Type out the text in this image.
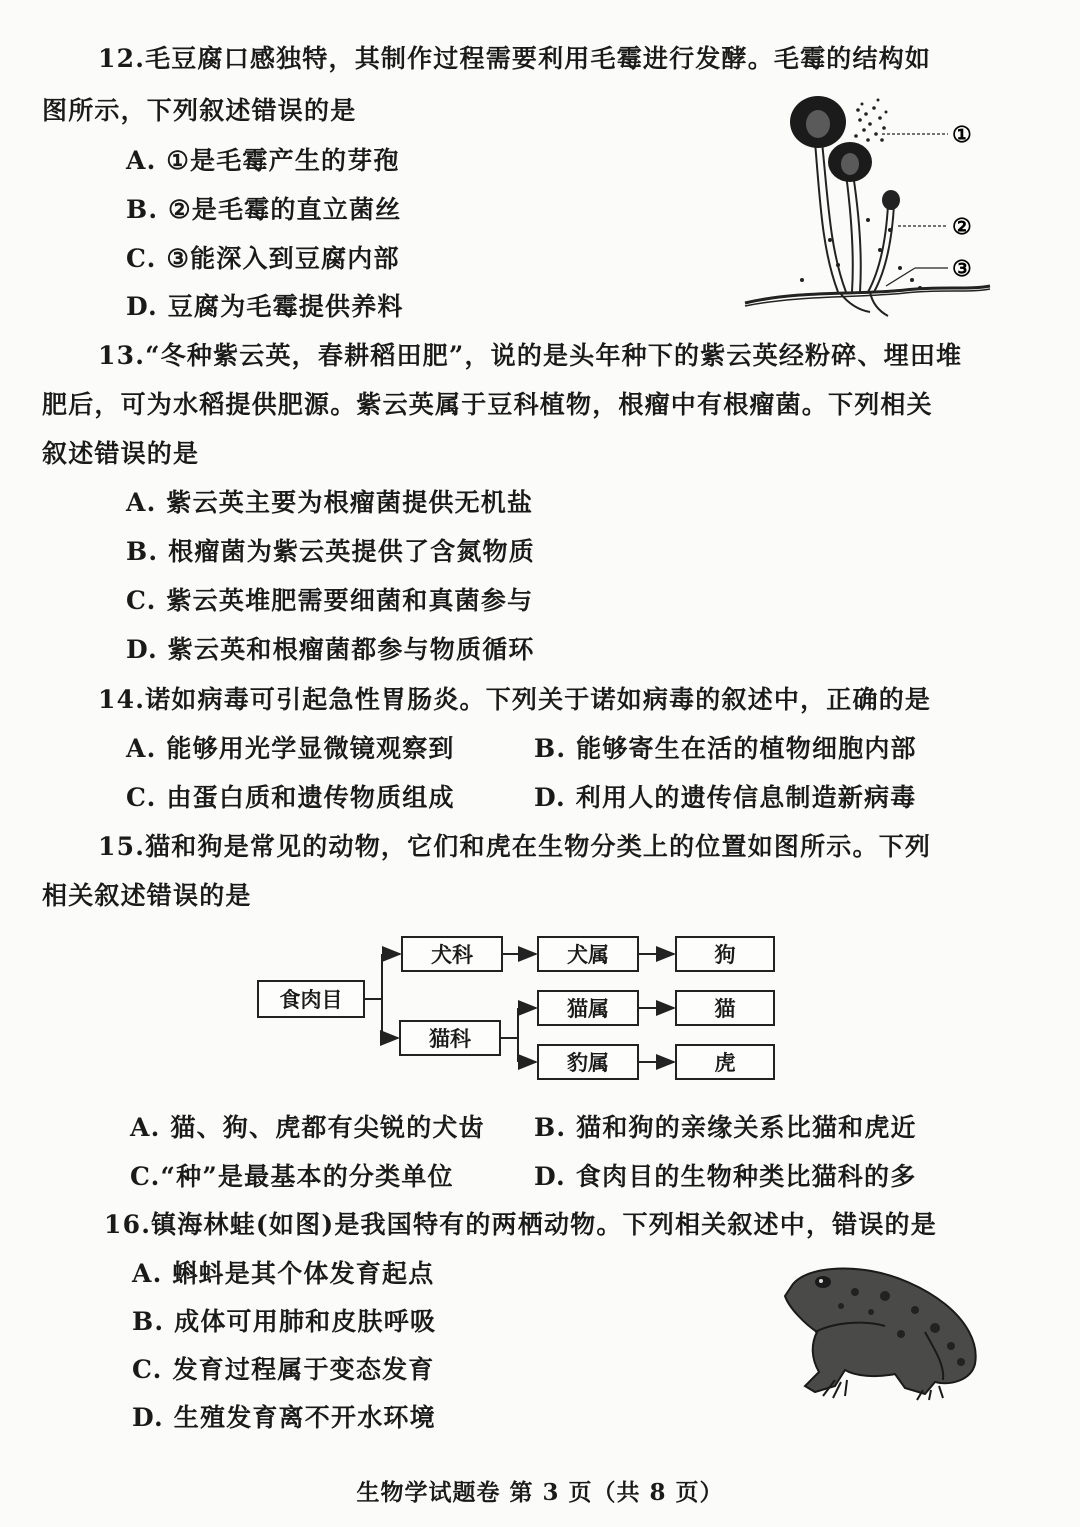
12.毛豆腐口感独特，其制作过程需要利用毛霉进行发酵。毛霉的结构如
图所示，下列叙述错误的是
A. ①是毛霉产生的芽孢
B. ②是毛霉的直立菌丝
C. ③能深入到豆腐内部
D. 豆腐为毛霉提供养料
①
②
③
13.“冬种紫云英，春耕稻田肥”，说的是头年种下的紫云英经粉碎、埋田堆
肥后，可为水稻提供肥源。紫云英属于豆科植物，根瘤中有根瘤菌。下列相关
叙述错误的是
A. 紫云英主要为根瘤菌提供无机盐
B. 根瘤菌为紫云英提供了含氮物质
C. 紫云英堆肥需要细菌和真菌参与
D. 紫云英和根瘤菌都参与物质循环
14.诺如病毒可引起急性胃肠炎。下列关于诺如病毒的叙述中，正确的是
A. 能够用光学显微镜观察到	B. 能够寄生在活的植物细胞内部
C. 由蛋白质和遗传物质组成	D. 利用人的遗传信息制造新病毒
15.猫和狗是常见的动物，它们和虎在生物分类上的位置如图所示。下列
相关叙述错误的是
食肉目
犬科
猫科
犬属
猫属
豹属
狗
猫
虎
A. 猫、狗、虎都有尖锐的犬齿 B. 猫和狗的亲缘关系比猫和虎近
C.“种”是最基本的分类单位	D. 食肉目的生物种类比猫科的多
16.镇海林蛙(如图)是我国特有的两栖动物。下列相关叙述中，错误的是
A. 蝌蚪是其个体发育起点
B. 成体可用肺和皮肤呼吸
C. 发育过程属于变态发育
D. 生殖发育离不开水环境
生物学试题卷 第 3 页（共 8 页）
